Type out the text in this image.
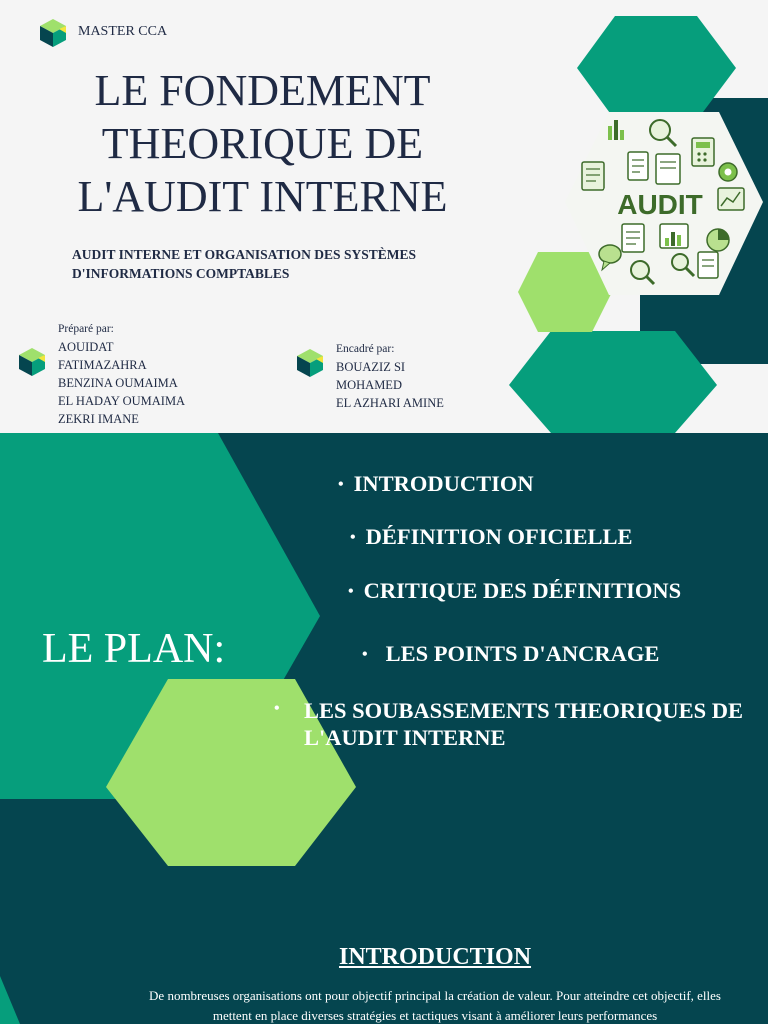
AUDIT
MASTER CCA
LE FONDEMENT THEORIQUE DE L'AUDIT INTERNE
AUDIT INTERNE ET ORGANISATION DES SYSTÈMES D'INFORMATIONS COMPTABLES
Préparé par:
AOUIDAT
FATIMAZAHRA
BENZINA OUMAIMA
EL HADAY OUMAIMA
ZEKRI IMANE
Encadré par:
BOUAZIZ SI
MOHAMED
EL AZHARI AMINE
LE PLAN:
• INTRODUCTION
• DÉFINITION OFICIELLE
• CRITIQUE DES DÉFINITIONS
• LES POINTS D'ANCRAGE
• LES SOUBASSEMENTS THEORIQUES DE L'AUDIT INTERNE
INTRODUCTION
De nombreuses organisations ont pour objectif principal la création de valeur. Pour atteindre cet objectif, elles mettent en place diverses stratégies et tactiques visant à améliorer leurs performances
